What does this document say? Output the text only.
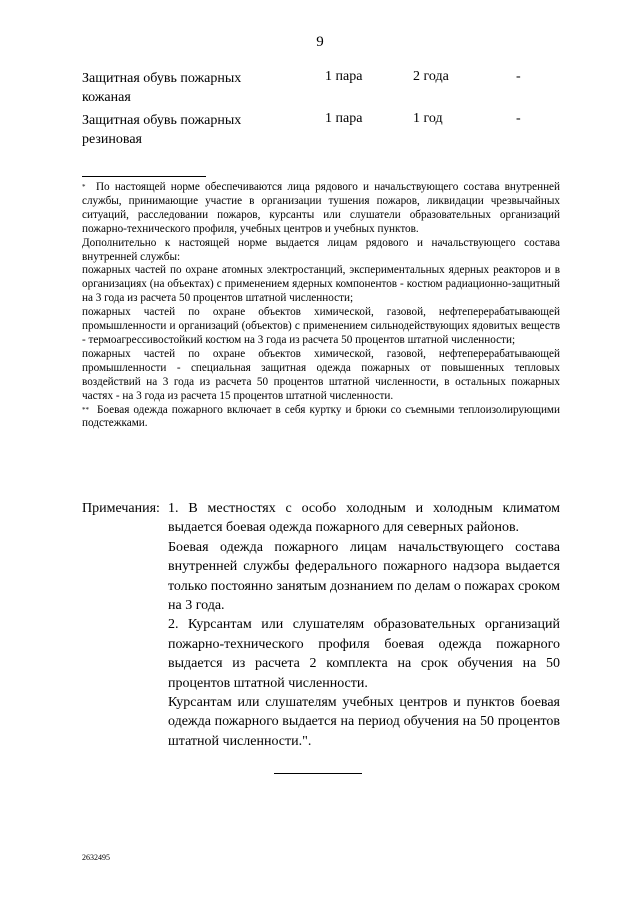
9
Защитная обувь пожарных кожаная
1 пара	2 года	-
Защитная обувь пожарных резиновая
1 пара	1 год	-

* По настоящей норме обеспечиваются лица рядового и начальствующего состава внутренней службы, принимающие участие в организации тушения пожаров, ликвидации чрезвычайных ситуаций, расследовании пожаров, курсанты или слушатели образовательных организаций пожарно-технического профиля, учебных центров и учебных пунктов.

Дополнительно к настоящей норме выдается лицам рядового и начальствующего состава внутренней службы:

пожарных частей по охране атомных электростанций, экспериментальных ядерных реакторов и в организациях (на объектах) с применением ядерных компонентов - костюм радиационно-защитный на 3 года из расчета 50 процентов штатной численности;

пожарных частей по охране объектов химической, газовой, нефтеперерабатывающей промышленности и организаций (объектов) с применением сильнодействующих ядовитых веществ - термоагрессивостойкий костюм на 3 года из расчета 50 процентов штатной численности;

пожарных частей по охране объектов химической, газовой, нефтеперерабатывающей промышленности - специальная защитная одежда пожарных от повышенных тепловых воздействий на 3 года из расчета 50 процентов штатной численности, в остальных пожарных частях - на 3 года из расчета 15 процентов штатной численности.

** Боевая одежда пожарного включает в себя куртку и брюки со съемными теплоизолирующими подстежками.

Примечания: 1. В местностях с особо холодным и холодным климатом выдается боевая одежда пожарного для северных районов.

Боевая одежда пожарного лицам начальствующего состава внутренней службы федерального пожарного надзора выдается только постоянно занятым дознанием по делам о пожарах сроком на 3 года.

2. Курсантам или слушателям образовательных организаций пожарно-технического профиля боевая одежда пожарного выдается из расчета 2 комплекта на срок обучения на 50 процентов штатной численности.

Курсантам или слушателям учебных центров и пунктов боевая одежда пожарного выдается на период обучения на 50 процентов штатной численности.".

2632495
